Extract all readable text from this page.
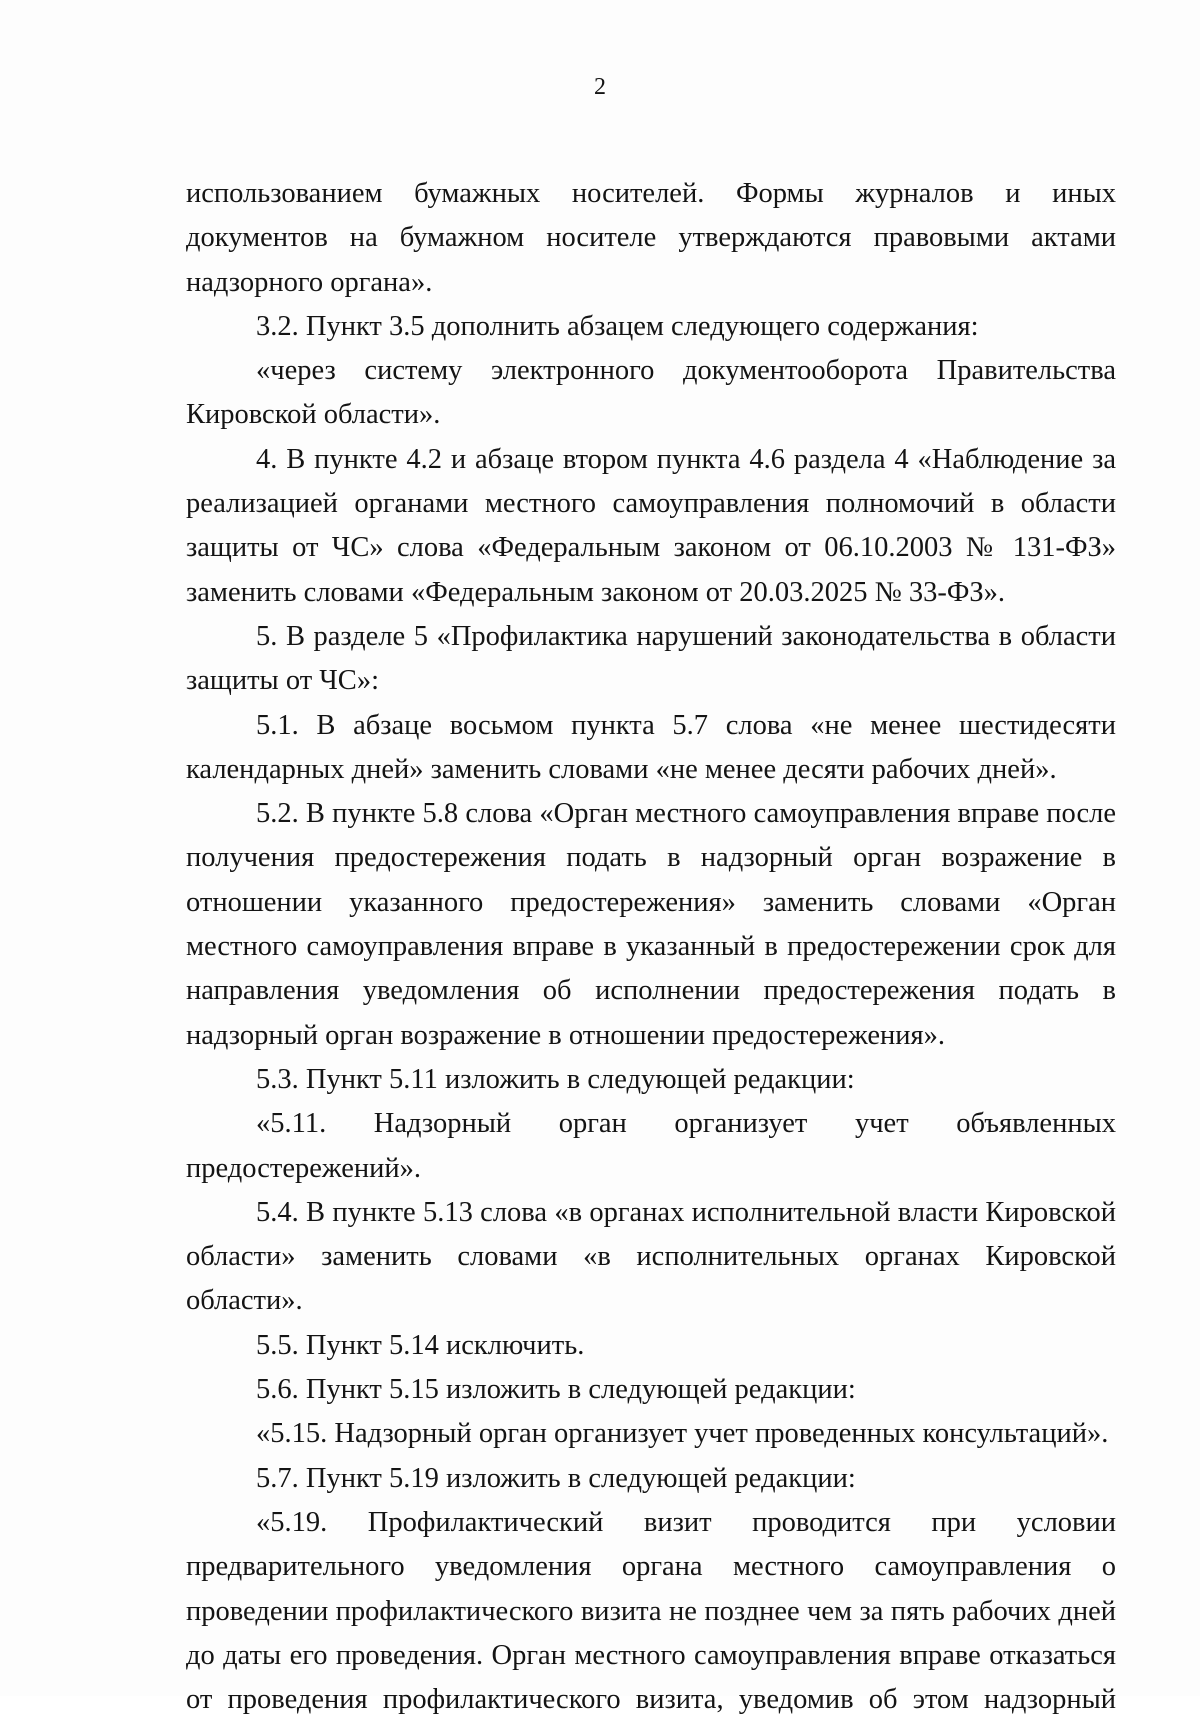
2

использованием бумажных носителей. Формы журналов и иных документов на бумажном носителе утверждаются правовыми актами надзорного органа».

3.2. Пункт 3.5 дополнить абзацем следующего содержания:

«через систему электронного документооборота Правительства Кировской области».

4. В пункте 4.2 и абзаце втором пункта 4.6 раздела 4 «Наблюдение за реализацией органами местного самоуправления полномочий в области защиты от ЧС» слова «Федеральным законом от 06.10.2003 № 131-ФЗ» заменить словами «Федеральным законом от 20.03.2025 № 33-ФЗ».

5. В разделе 5 «Профилактика нарушений законодательства в области защиты от ЧС»:

5.1. В абзаце восьмом пункта 5.7 слова «не менее шестидесяти календарных дней» заменить словами «не менее десяти рабочих дней».

5.2. В пункте 5.8 слова «Орган местного самоуправления вправе после получения предостережения подать в надзорный орган возражение в отношении указанного предостережения» заменить словами «Орган местного самоуправления вправе в указанный в предостережении срок для направления уведомления об исполнении предостережения подать в надзорный орган возражение в отношении предостережения».

5.3. Пункт 5.11 изложить в следующей редакции:

«5.11. Надзорный орган организует учет объявленных предостережений».

5.4. В пункте 5.13 слова «в органах исполнительной власти Кировской области» заменить словами «в исполнительных органах Кировской области».

5.5. Пункт 5.14 исключить.

5.6. Пункт 5.15 изложить в следующей редакции:

«5.15. Надзорный орган организует учет проведенных консультаций».

5.7. Пункт 5.19 изложить в следующей редакции:

«5.19. Профилактический визит проводится при условии предварительного уведомления органа местного самоуправления о проведении профилактического визита не позднее чем за пять рабочих дней до даты его проведения. Орган местного самоуправления вправе отказаться от проведения профилактического визита, уведомив об этом надзорный
